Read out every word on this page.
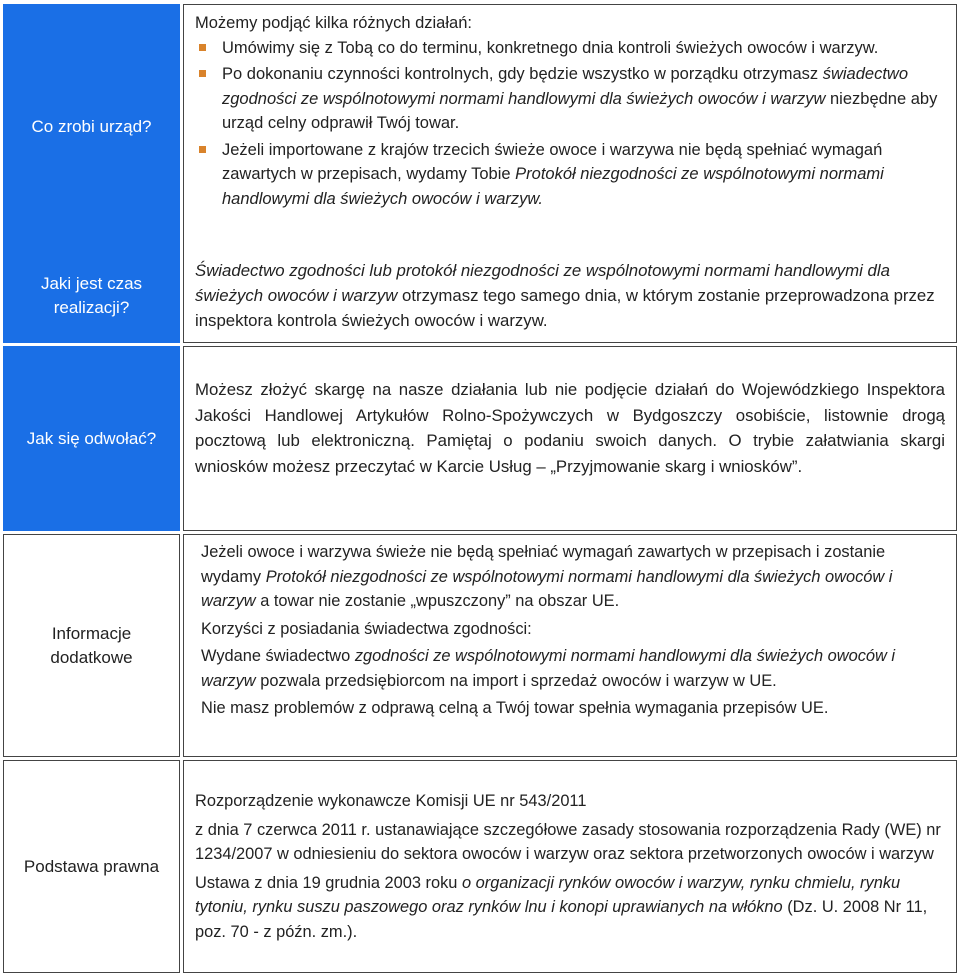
Co zrobi urząd?

Możemy podjąć kilka różnych działań:

Umówimy się z Tobą co do terminu, konkretnego dnia kontroli świeżych owoców i warzyw.
Po dokonaniu czynności kontrolnych, gdy będzie wszystko w porządku otrzymasz świadectwo zgodności ze wspólnotowymi normami handlowymi dla świeżych owoców i warzyw niezbędne aby urząd celny odprawił Twój towar.
Jeżeli importowane z krajów trzecich świeże owoce i warzywa nie będą spełniać wymagań zawartych w przepisach, wydamy Tobie Protokół niezgodności ze wspólnotowymi normami handlowymi dla świeżych owoców i warzyw.
Jaki jest czas
realizacji?

Świadectwo zgodności lub protokół niezgodności ze wspólnotowymi normami handlowymi dla świeżych owoców i warzyw otrzymasz tego samego dnia, w którym zostanie przeprowadzona przez inspektora kontrola świeżych owoców i warzyw.

Jak się odwołać?

Możesz złożyć skargę na nasze działania lub nie podjęcie działań do Wojewódzkiego Inspektora Jakości Handlowej Artykułów Rolno-Spożywczych w Bydgoszczy osobiście, listownie drogą pocztową lub elektroniczną. Pamiętaj o podaniu swoich danych. O trybie załatwiania skargi wniosków możesz przeczytać w Karcie Usług – „Przyjmowanie skarg i wniosków”.

Informacje
dodatkowe

Jeżeli owoce i warzywa świeże nie będą spełniać wymagań zawartych w przepisach i zostanie wydamy Protokół niezgodności ze wspólnotowymi normami handlowymi dla świeżych owoców i warzyw a towar nie zostanie „wpuszczony” na obszar UE.

Korzyści z posiadania świadectwa zgodności:

Wydane świadectwo zgodności ze wspólnotowymi normami handlowymi dla świeżych owoców i warzyw pozwala przedsiębiorcom na import i sprzedaż owoców i warzyw w UE.

Nie masz problemów z odprawą celną a Twój towar spełnia wymagania przepisów UE.

Podstawa prawna

Rozporządzenie wykonawcze Komisji UE nr 543/2011

z dnia 7 czerwca 2011 r. ustanawiające szczegółowe zasady stosowania rozporządzenia Rady (WE) nr 1234/2007 w odniesieniu do sektora owoców i warzyw oraz sektora przetworzonych owoców i warzyw

Ustawa z dnia 19 grudnia 2003 roku o organizacji rynków owoców i warzyw, rynku chmielu, rynku tytoniu, rynku suszu paszowego oraz rynków lnu i konopi uprawianych na włókno (Dz. U. 2008 Nr 11, poz. 70 - z późn. zm.).
